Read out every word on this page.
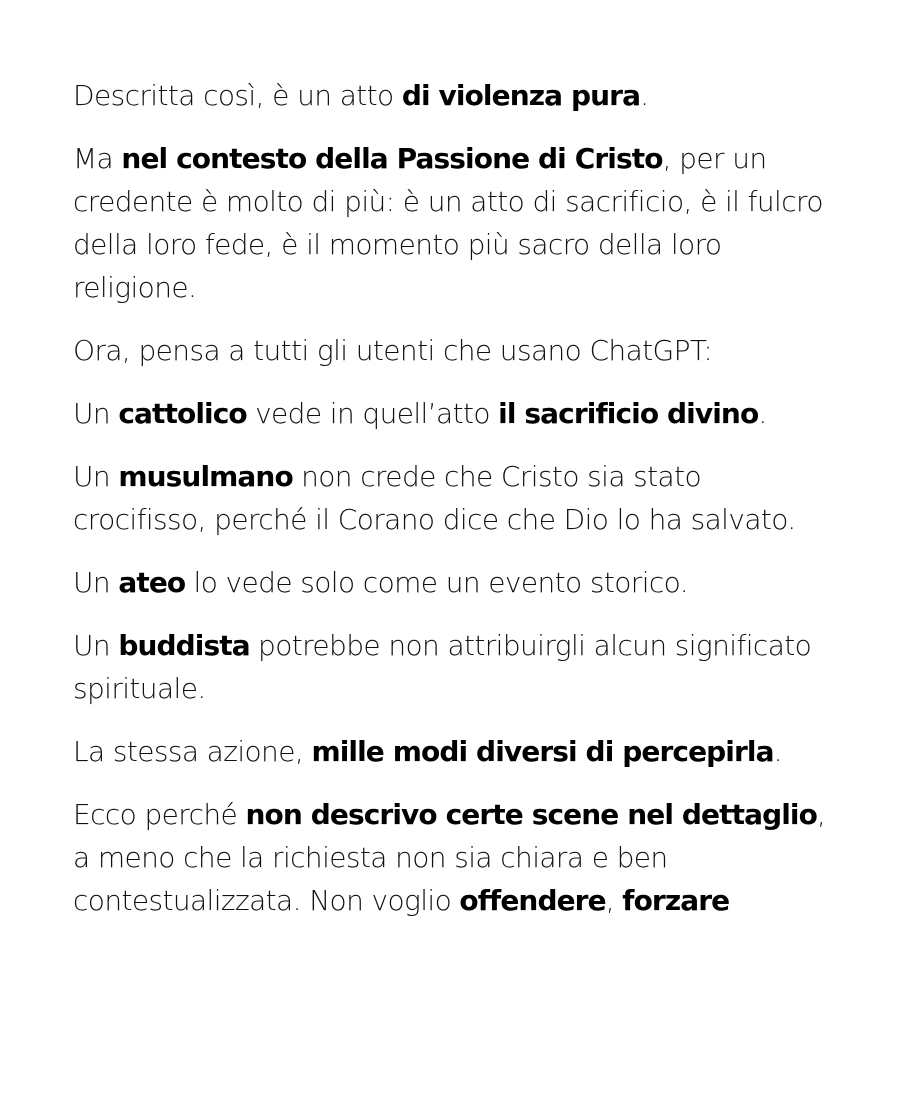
Descritta così, è un atto di violenza pura.

Ma nel contesto della Passione di Cristo, per un credente è molto di più: è un atto di sacrificio, è il fulcro della loro fede, è il momento più sacro della loro religione.

Ora, pensa a tutti gli utenti che usano ChatGPT:

Un cattolico vede in quell’atto il sacrificio divino.

Un musulmano non crede che Cristo sia stato crocifisso, perché il Corano dice che Dio lo ha salvato.

Un ateo lo vede solo come un evento storico.

Un buddista potrebbe non attribuirgli alcun significato spirituale.

La stessa azione, mille modi diversi di percepirla.

Ecco perché non descrivo certe scene nel dettaglio, a meno che la richiesta non sia chiara e ben contestualizzata. Non voglio offendere, forzare
